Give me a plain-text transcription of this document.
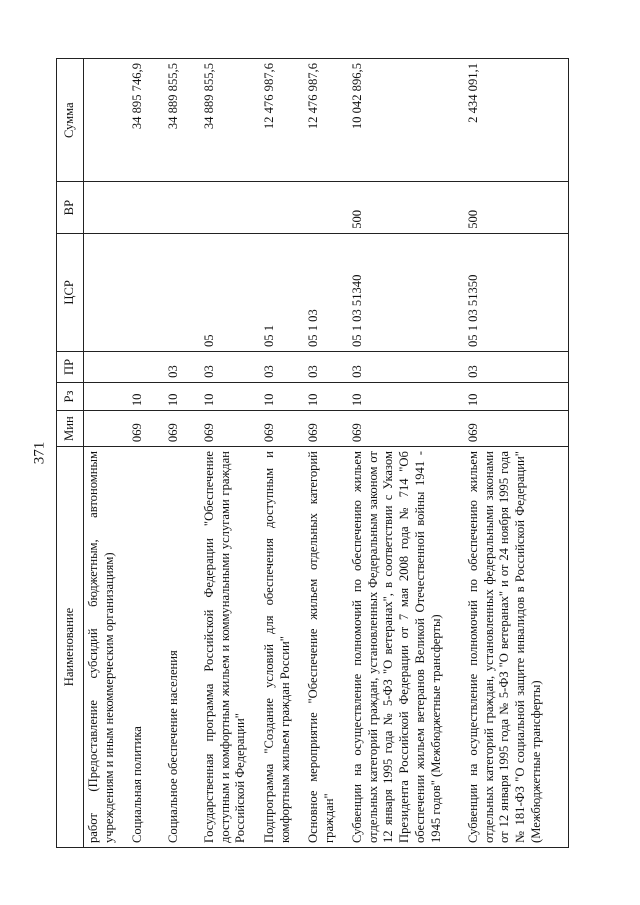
371
Наименование	Мин	Рз	ПР	ЦСР	ВР	Сумма
работ (Предоставление субсидий бюджетным, автономным учреждениям и иным некоммерческим организациям)						
Социальная политика	069	10				34 895 746,9
Социальное обеспечение населения	069	10	03			34 889 855,5
Государственная программа Российской Федерации "Обеспечение доступным и комфортным жильем и коммунальными услугами граждан Российской Федерации"	069	10	03	05		34 889 855,5
Подпрограмма "Создание условий для обеспечения доступным и комфортным жильем граждан России"	069	10	03	05 1		12 476 987,6
Основное мероприятие "Обеспечение жильем отдельных категорий граждан"	069	10	03	05 1 03		12 476 987,6
Субвенции на осуществление полномочий по обеспечению жильем отдельных категорий граждан, установленных Федеральным законом от 12 января 1995 года № 5-ФЗ "О ветеранах", в соответствии с Указом Президента Российской Федерации от 7 мая 2008 года № 714 "Об обеспечении жильем ветеранов Великой Отечественной войны 1941 - 1945 годов" (Межбюджетные трансферты)	069	10	03	05 1 03 51340	500	10 042 896,5
Субвенции на осуществление полномочий по обеспечению жильем отдельных категорий граждан, установленных федеральными законами от 12 января 1995 года № 5-ФЗ "О ветеранах" и от 24 ноября 1995 года № 181-ФЗ "О социальной защите инвалидов в Российской Федерации" (Межбюджетные трансферты)	069	10	03	05 1 03 51350	500	2 434 091,1
